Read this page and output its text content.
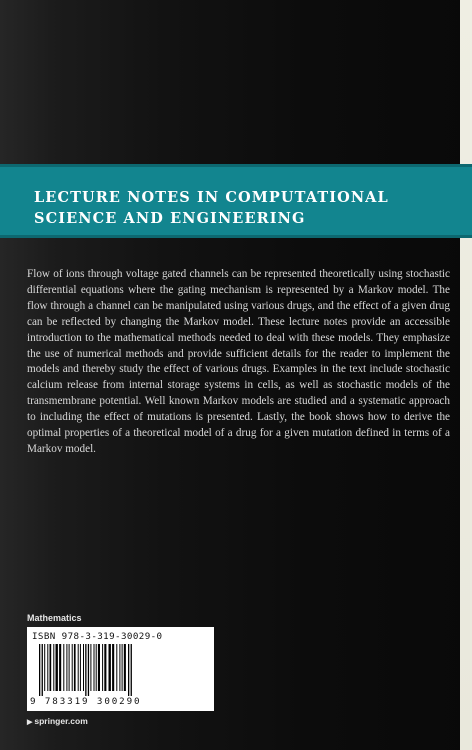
LECTURE NOTES IN COMPUTATIONAL
SCIENCE AND ENGINEERING

Flow of ions through voltage gated channels can be represented theoretically using stochastic differential equations where the gating mechanism is represented by a Markov model. The flow through a channel can be manipulated using various drugs, and the effect of a given drug can be reflected by changing the Markov model. These lecture notes provide an accessible introduction to the mathematical methods needed to deal with these models. They emphasize the use of numerical methods and provide sufficient details for the reader to implement the models and thereby study the effect of various drugs. Examples in the text include stochastic calcium release from internal storage systems in cells, as well as stochastic models of the transmembrane potential. Well known Markov models are studied and a systematic approach to including the effect of mutations is presented. Lastly, the book shows how to derive the optimal properties of a theoretical model of a drug for a given mutation defined in terms of a Markov model.

Mathematics
ISBN 978-3-319-30029-0
9 783319 300290
▶ springer.com
